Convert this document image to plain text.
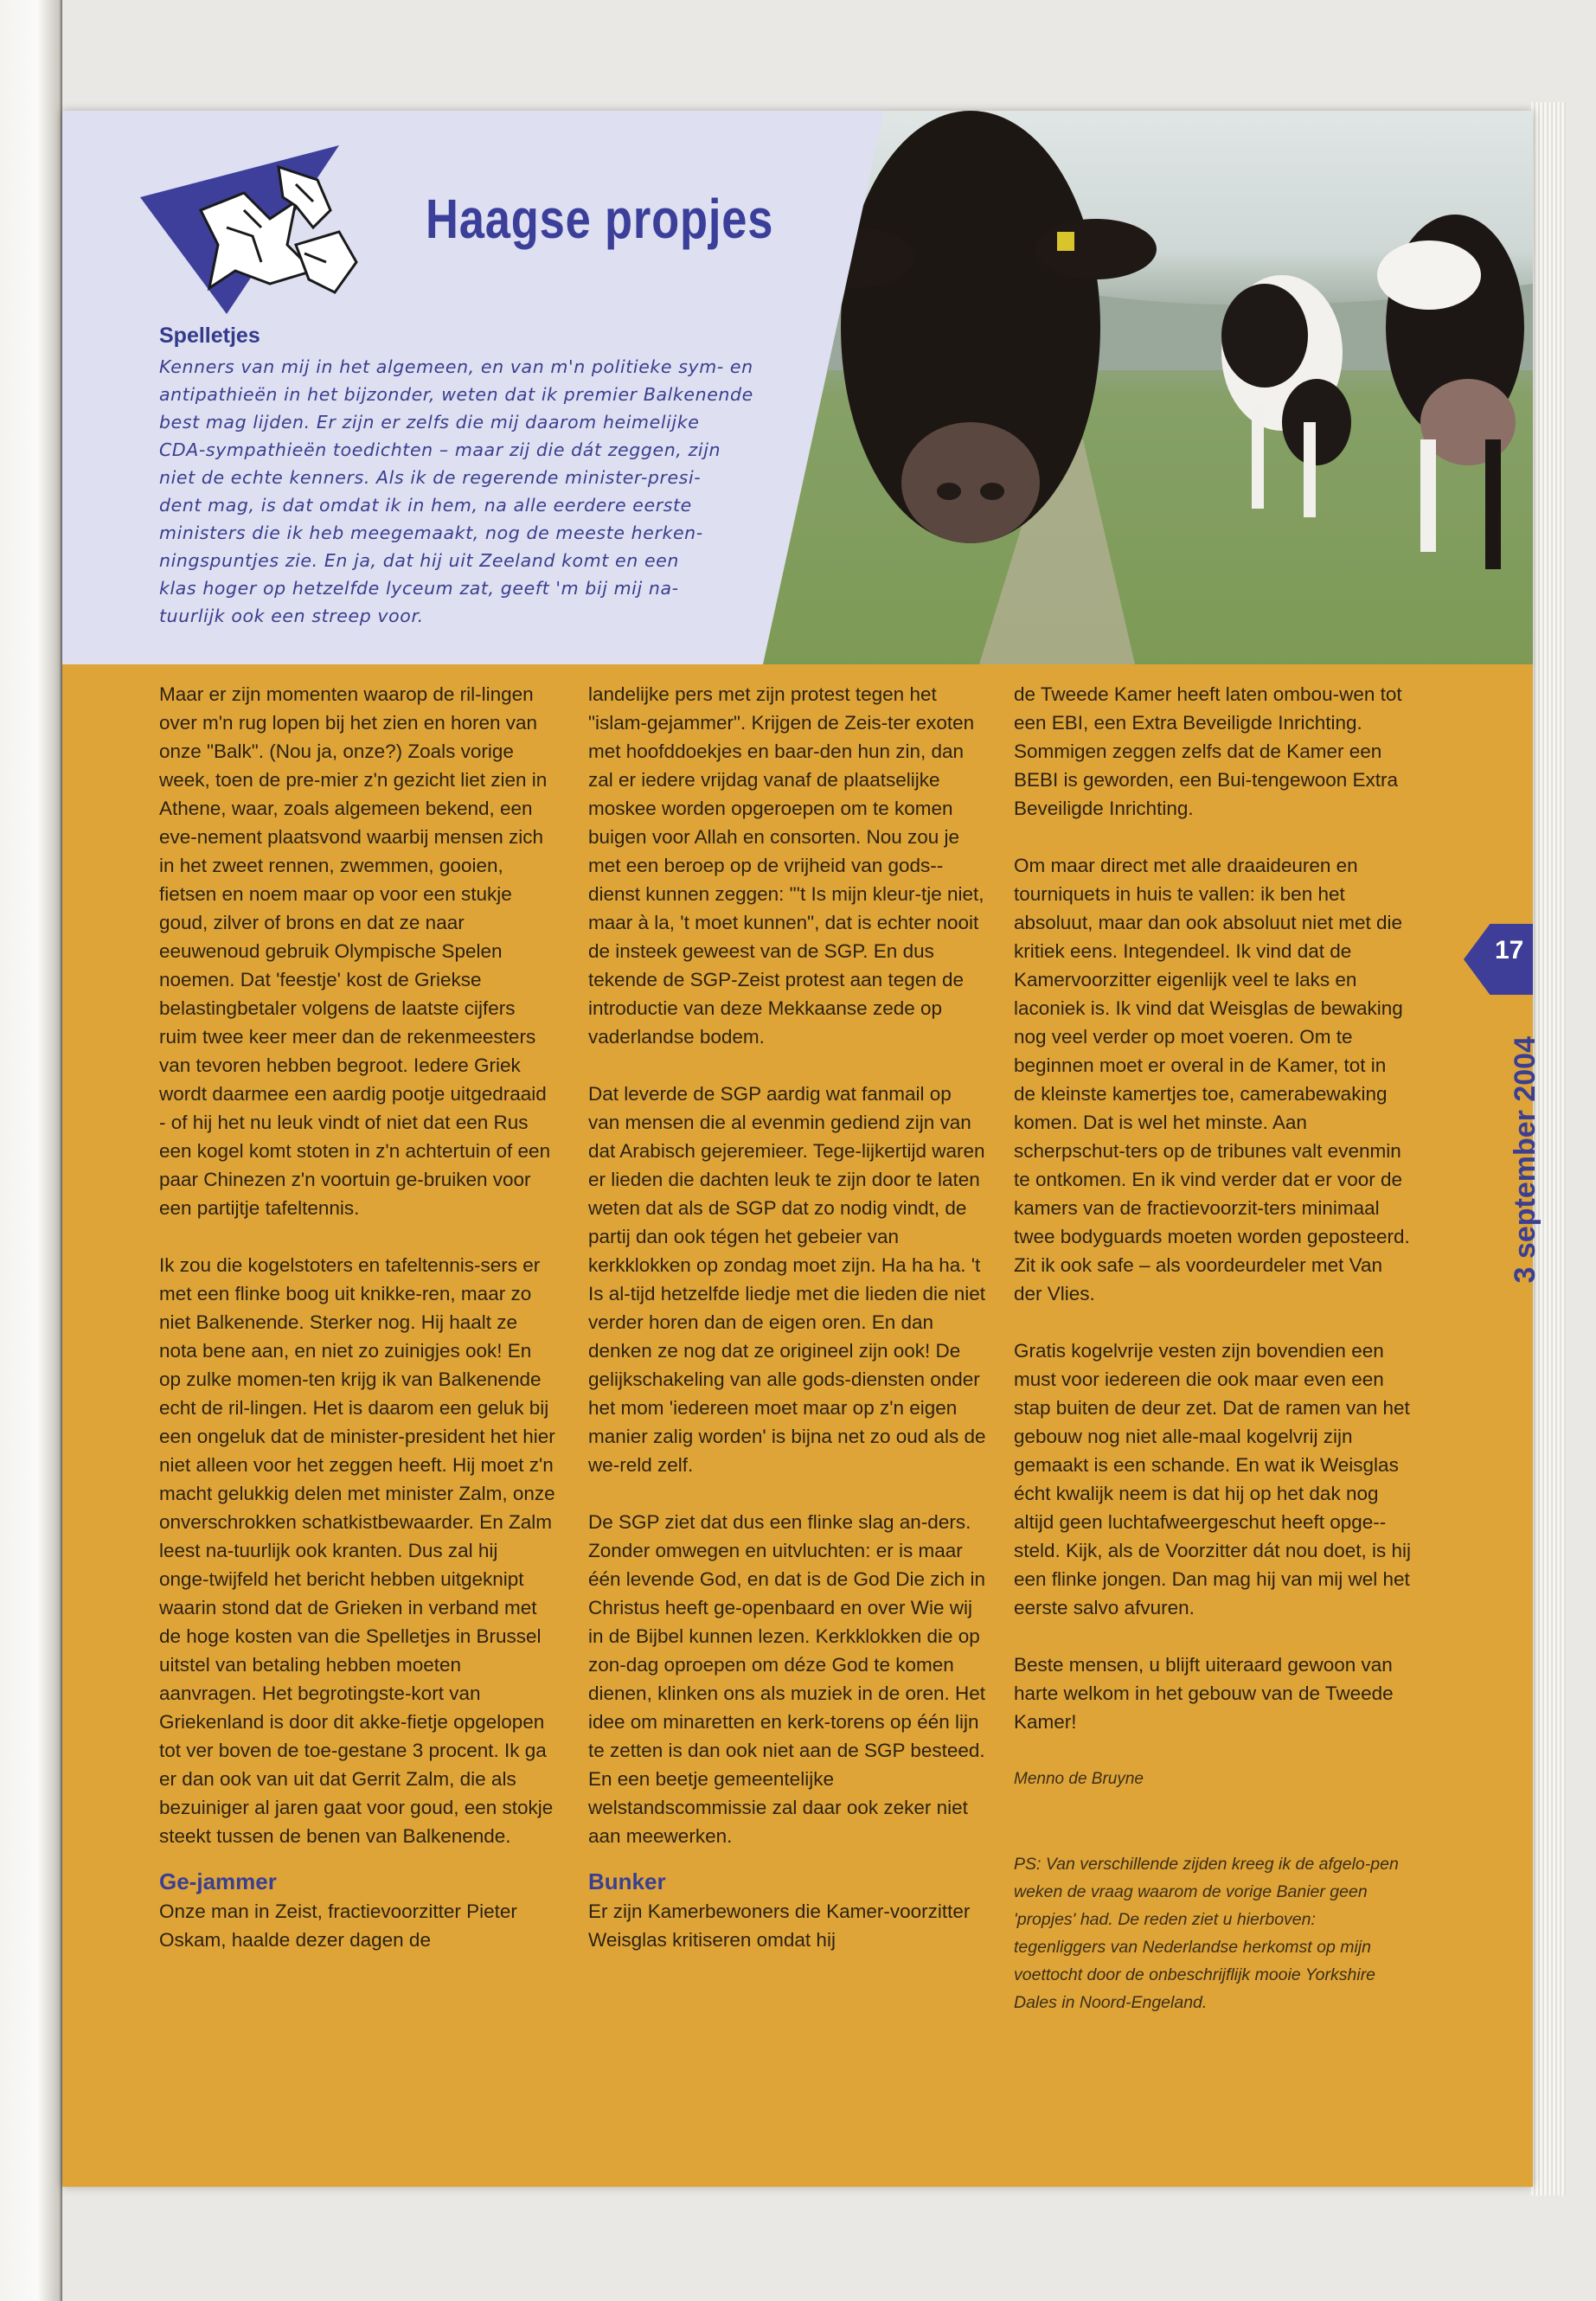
Haagse propjes
Spelletjes
Kenners van mij in het algemeen, en van m'n politieke sym- en
antipathieën in het bijzonder, weten dat ik premier Balkenende
best mag lijden. Er zijn er zelfs die mij daarom heimelijke
CDA-sympathieën toedichten – maar zij die dát zeggen, zijn
niet de echte kenners. Als ik de regerende minister-presi-
dent mag, is dat omdat ik in hem, na alle eerdere eerste
ministers die ik heb meegemaakt, nog de meeste herken-
ningspuntjes zie. En ja, dat hij uit Zeeland komt en een
klas hoger op hetzelfde lyceum zat, geeft 'm bij mij na-
tuurlijk ook een streep voor.

Maar er zijn momenten waarop de ril-lingen over m'n rug lopen bij het zien en horen van onze "Balk". (Nou ja, onze?) Zoals vorige week, toen de pre-mier z'n gezicht liet zien in Athene, waar, zoals algemeen bekend, een eve-nement plaatsvond waarbij mensen zich in het zweet rennen, zwemmen, gooien, fietsen en noem maar op voor een stukje goud, zilver of brons en dat ze naar eeuwenoud gebruik Olympische Spelen noemen. Dat 'feestje' kost de Griekse belastingbetaler volgens de laatste cijfers ruim twee keer meer dan de rekenmeesters van tevoren hebben begroot. Iedere Griek wordt daarmee een aardig pootje uitgedraaid - of hij het nu leuk vindt of niet dat een Rus een kogel komt stoten in z'n achtertuin of een paar Chinezen z'n voortuin ge-bruiken voor een partijtje tafeltennis.

Ik zou die kogelstoters en tafeltennis-sers er met een flinke boog uit knikke-ren, maar zo niet Balkenende. Sterker nog. Hij haalt ze nota bene aan, en niet zo zuinigjes ook! En op zulke momen-ten krijg ik van Balkenende echt de ril-lingen. Het is daarom een geluk bij een ongeluk dat de minister-president het hier niet alleen voor het zeggen heeft. Hij moet z'n macht gelukkig delen met minister Zalm, onze onverschrokken schatkistbewaarder. En Zalm leest na-tuurlijk ook kranten. Dus zal hij onge-twijfeld het bericht hebben uitgeknipt waarin stond dat de Grieken in verband met de hoge kosten van die Spelletjes in Brussel uitstel van betaling hebben moeten aanvragen. Het begrotingste-kort van Griekenland is door dit akke-fietje opgelopen tot ver boven de toe-gestane 3 procent. Ik ga er dan ook van uit dat Gerrit Zalm, die als bezuiniger al jaren gaat voor goud, een stokje steekt tussen de benen van Balkenende.

Ge-jammer

Onze man in Zeist, fractievoorzitter Pieter Oskam, haalde dezer dagen de

landelijke pers met zijn protest tegen het "islam-gejammer". Krijgen de Zeis-ter exoten met hoofddoekjes en baar-den hun zin, dan zal er iedere vrijdag vanaf de plaatselijke moskee worden opgeroepen om te komen buigen voor Allah en consorten. Nou zou je met een beroep op de vrijheid van gods-dienst kunnen zeggen: "'t Is mijn kleur-tje niet, maar à la, 't moet kunnen", dat is echter nooit de insteek geweest van de SGP. En dus tekende de SGP-Zeist protest aan tegen de introductie van deze Mekkaanse zede op vaderlandse bodem.

Dat leverde de SGP aardig wat fanmail op van mensen die al evenmin gediend zijn van dat Arabisch gejeremieer. Tege-lijkertijd waren er lieden die dachten leuk te zijn door te laten weten dat als de SGP dat zo nodig vindt, de partij dan ook tégen het gebeier van kerkklokken op zondag moet zijn. Ha ha ha. 't Is al-tijd hetzelfde liedje met die lieden die niet verder horen dan de eigen oren. En dan denken ze nog dat ze origineel zijn ook! De gelijkschakeling van alle gods-diensten onder het mom 'iedereen moet maar op z'n eigen manier zalig worden' is bijna net zo oud als de we-reld zelf.

De SGP ziet dat dus een flinke slag an-ders. Zonder omwegen en uitvluchten: er is maar één levende God, en dat is de God Die zich in Christus heeft ge-openbaard en over Wie wij in de Bijbel kunnen lezen. Kerkklokken die op zon-dag oproepen om déze God te komen dienen, klinken ons als muziek in de oren. Het idee om minaretten en kerk-torens op één lijn te zetten is dan ook niet aan de SGP besteed. En een beetje gemeentelijke welstandscommissie zal daar ook zeker niet aan meewerken.

Bunker

Er zijn Kamerbewoners die Kamer-voorzitter Weisglas kritiseren omdat hij

de Tweede Kamer heeft laten ombou-wen tot een EBI, een Extra Beveiligde Inrichting. Sommigen zeggen zelfs dat de Kamer een BEBI is geworden, een Bui-tengewoon Extra Beveiligde Inrichting.

Om maar direct met alle draaideuren en tourniquets in huis te vallen: ik ben het absoluut, maar dan ook absoluut niet met die kritiek eens. Integendeel. Ik vind dat de Kamervoorzitter eigenlijk veel te laks en laconiek is. Ik vind dat Weisglas de bewaking nog veel verder op moet voeren. Om te beginnen moet er overal in de Kamer, tot in de kleinste kamertjes toe, camerabewaking komen. Dat is wel het minste. Aan scherpschut-ters op de tribunes valt evenmin te ontkomen. En ik vind verder dat er voor de kamers van de fractievoorzit-ters minimaal twee bodyguards moeten worden geposteerd. Zit ik ook safe – als voordeurdeler met Van der Vlies.

Gratis kogelvrije vesten zijn bovendien een must voor iedereen die ook maar even een stap buiten de deur zet. Dat de ramen van het gebouw nog niet alle-maal kogelvrij zijn gemaakt is een schande. En wat ik Weisglas écht kwalijk neem is dat hij op het dak nog altijd geen luchtafweergeschut heeft opge-steld. Kijk, als de Voorzitter dát nou doet, is hij een flinke jongen. Dan mag hij van mij wel het eerste salvo afvuren.

Beste mensen, u blijft uiteraard gewoon van harte welkom in het gebouw van de Tweede Kamer!

Menno de Bruyne

PS: Van verschillende zijden kreeg ik de afgelo-pen weken de vraag waarom de vorige Banier geen 'propjes' had. De reden ziet u hierboven: tegenliggers van Nederlandse herkomst op mijn voettocht door de onbeschrijflijk mooie Yorkshire Dales in Noord-Engeland.

17
3 september 2004
